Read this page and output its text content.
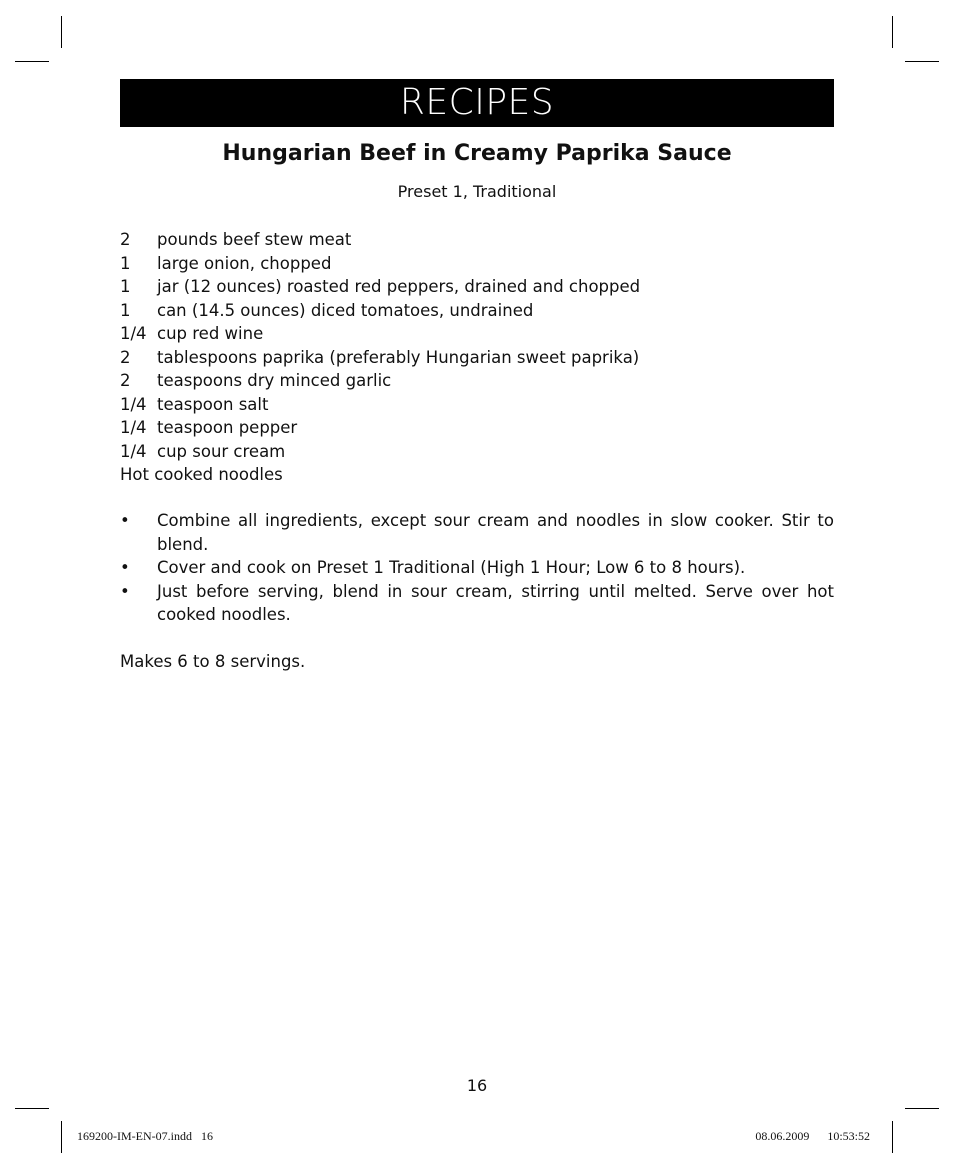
RECIPES
Hungarian Beef in Creamy Paprika Sauce
Preset 1, Traditional
2	pounds beef stew meat
1	large onion, chopped
1	jar (12 ounces) roasted red peppers, drained and chopped
1	can (14.5 ounces) diced tomatoes, undrained
1/4 cup red wine
2	tablespoons paprika (preferably Hungarian sweet paprika)
2	teaspoons dry minced garlic
1/4 teaspoon salt
1/4 teaspoon pepper
1/4 cup sour cream
Hot cooked noodles
•	Combine all ingredients, except sour cream and noodles in slow cooker. Stir to blend.
•	Cover and cook on Preset 1 Traditional (High 1 Hour; Low 6 to 8 hours).
•	Just before serving, blend in sour cream, stirring until melted. Serve over hot cooked noodles.
Makes 6 to 8 servings.
16
169200-IM-EN-07.indd   16	08.06.2009   10:53:52
